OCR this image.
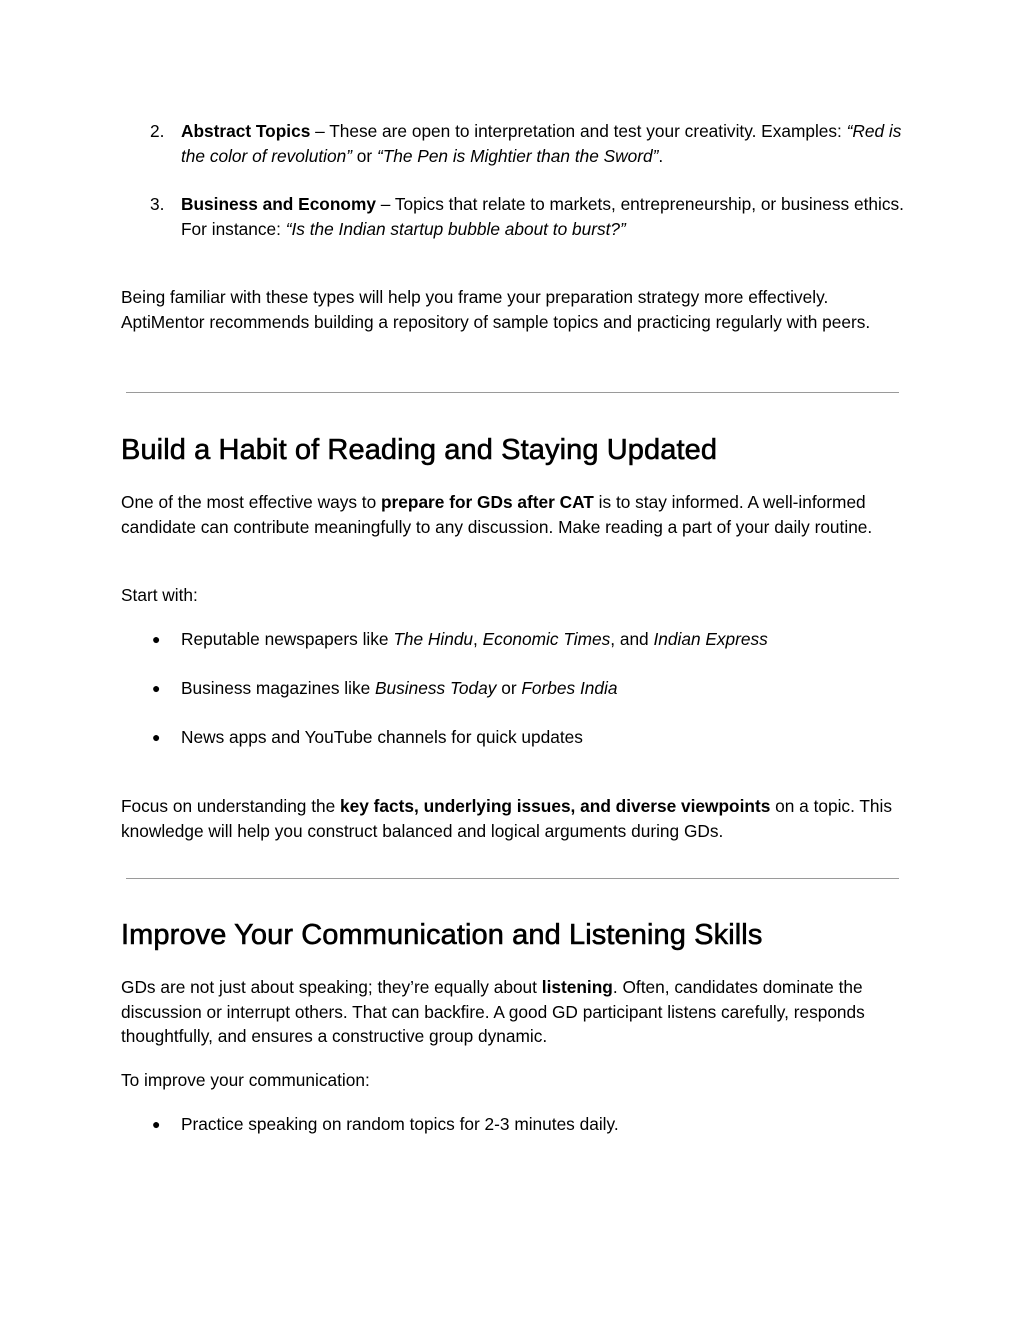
2. Abstract Topics – These are open to interpretation and test your creativity. Examples: “Red is the color of revolution” or “The Pen is Mightier than the Sword”.
3. Business and Economy – Topics that relate to markets, entrepreneurship, or business ethics. For instance: “Is the Indian startup bubble about to burst?”

Being familiar with these types will help you frame your preparation strategy more effectively. AptiMentor recommends building a repository of sample topics and practicing regularly with peers.

Build a Habit of Reading and Staying Updated

One of the most effective ways to prepare for GDs after CAT is to stay informed. A well-informed candidate can contribute meaningfully to any discussion. Make reading a part of your daily routine.

Start with:

● Reputable newspapers like The Hindu, Economic Times, and Indian Express
● Business magazines like Business Today or Forbes India
● News apps and YouTube channels for quick updates

Focus on understanding the key facts, underlying issues, and diverse viewpoints on a topic. This knowledge will help you construct balanced and logical arguments during GDs.

Improve Your Communication and Listening Skills

GDs are not just about speaking; they’re equally about listening. Often, candidates dominate the discussion or interrupt others. That can backfire. A good GD participant listens carefully, responds thoughtfully, and ensures a constructive group dynamic.

To improve your communication:

● Practice speaking on random topics for 2-3 minutes daily.
